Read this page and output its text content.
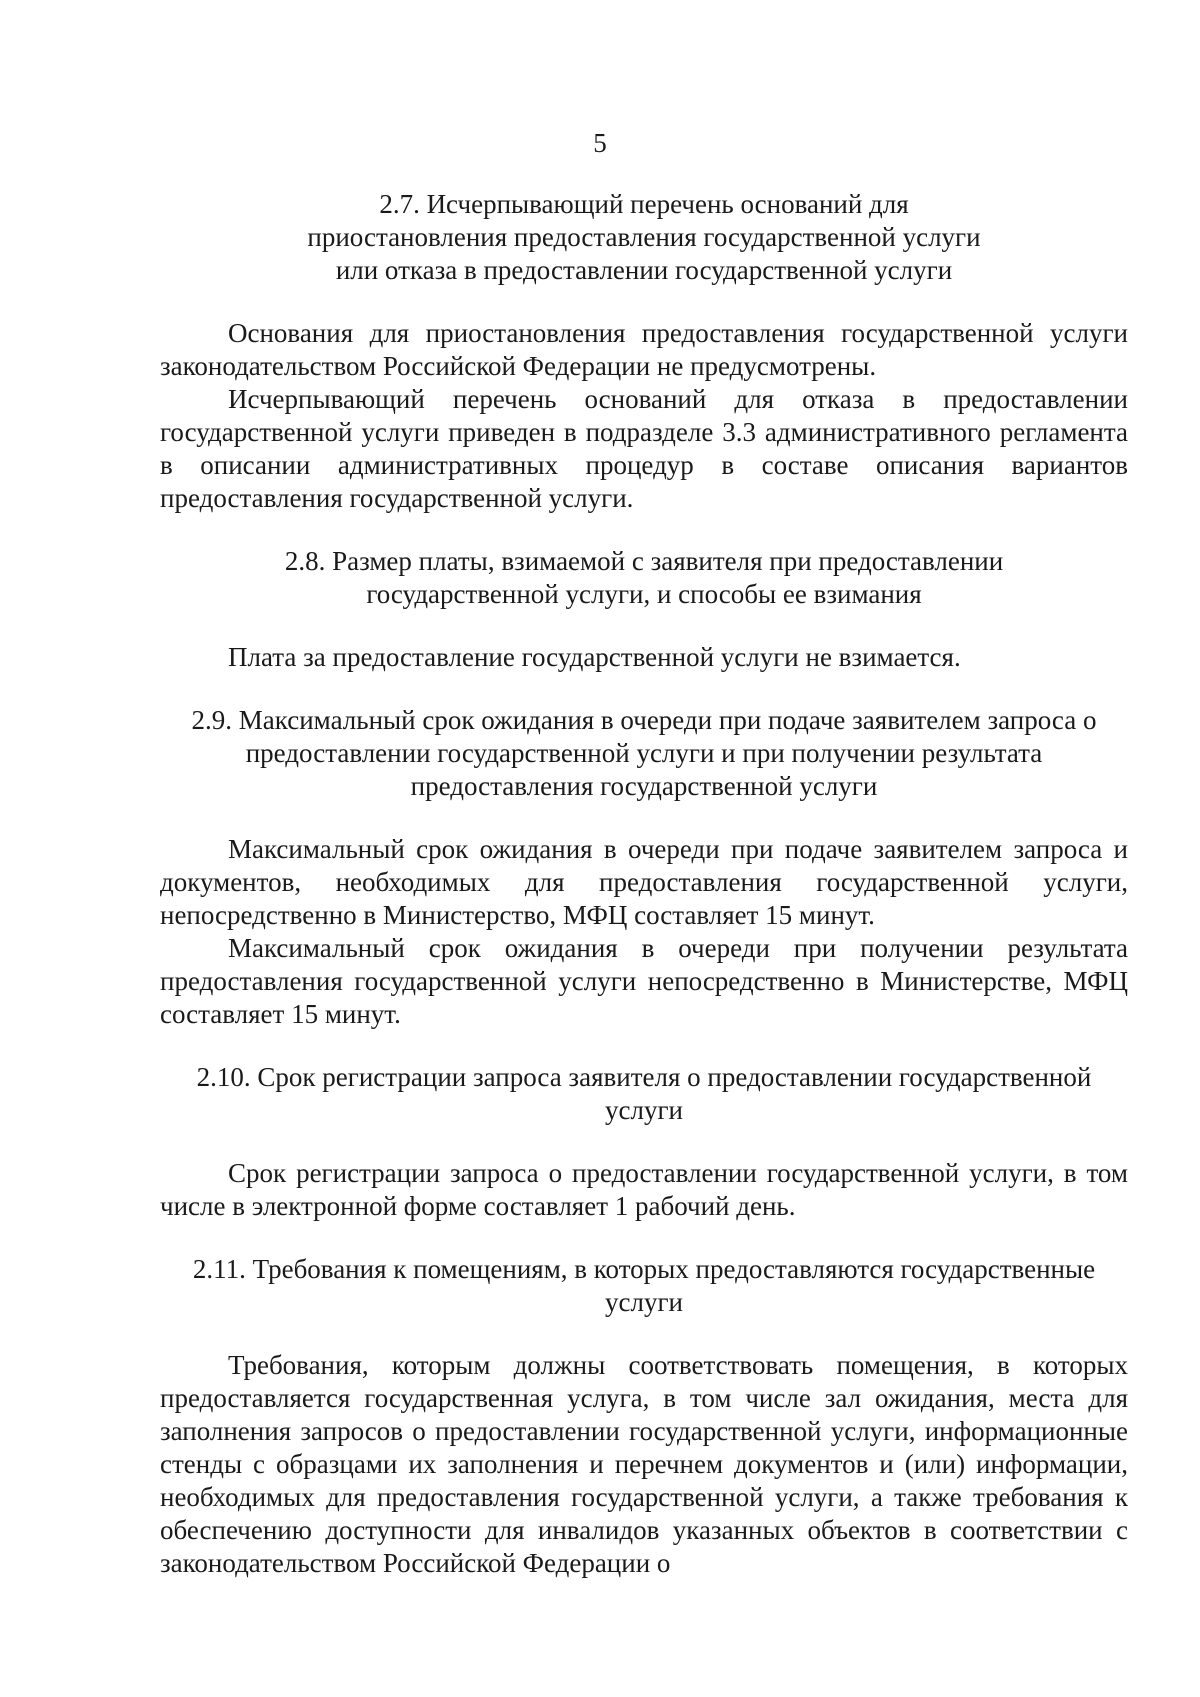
5
2.7. Исчерпывающий перечень оснований для
приостановления предоставления государственной услуги
или отказа в предоставлении государственной услуги

Основания для приостановления предоставления государственной услуги законодательством Российской Федерации не предусмотрены.

Исчерпывающий перечень оснований для отказа в предоставлении государственной услуги приведен в подразделе 3.3 административного регламента в описании административных процедур в составе описания вариантов предоставления государственной услуги.

2.8. Размер платы, взимаемой с заявителя при предоставлении
государственной услуги, и способы ее взимания

Плата за предоставление государственной услуги не взимается.

2.9. Максимальный срок ожидания в очереди при подаче заявителем запроса о
предоставлении государственной услуги и при получении результата
предоставления государственной услуги

Максимальный срок ожидания в очереди при подаче заявителем запроса и документов, необходимых для предоставления государственной услуги, непосредственно в Министерство, МФЦ составляет 15 минут.

Максимальный срок ожидания в очереди при получении результата предоставления государственной услуги непосредственно в Министерстве, МФЦ составляет 15 минут.

2.10. Срок регистрации запроса заявителя о предоставлении государственной
услуги

Срок регистрации запроса о предоставлении государственной услуги, в том числе в электронной форме составляет 1 рабочий день.

2.11. Требования к помещениям, в которых предоставляются государственные
услуги

Требования, которым должны соответствовать помещения, в которых предоставляется государственная услуга, в том числе зал ожидания, места для заполнения запросов о предоставлении государственной услуги, информационные стенды с образцами их заполнения и перечнем документов и (или) информации, необходимых для предоставления государственной услуги, а также требования к обеспечению доступности для инвалидов указанных объектов в соответствии с законодательством Российской Федерации о
